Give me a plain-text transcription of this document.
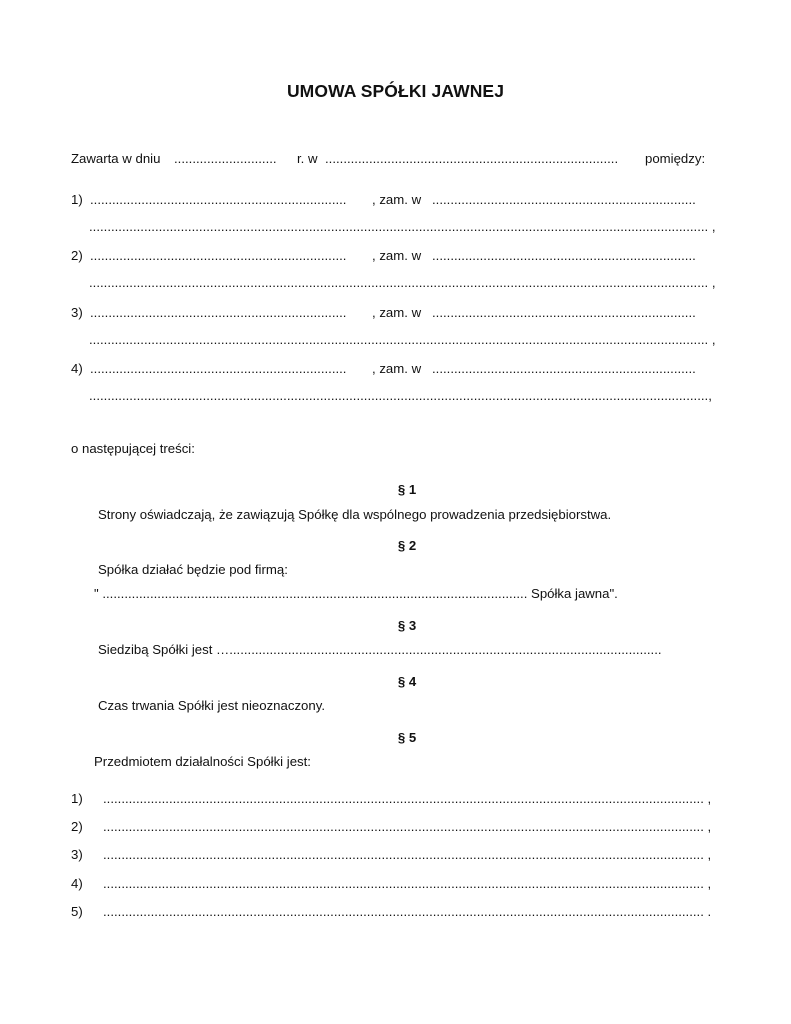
UMOWA SPÓŁKI JAWNEJ
Zawarta w dniu ............................ r. w ................................................................................ pomiędzy:
1) ...................................................................... , zam. w ........................................................................
......................................................................................................................................................................... ,
2) ...................................................................... , zam. w ........................................................................
......................................................................................................................................................................... ,
3) ...................................................................... , zam. w ........................................................................
......................................................................................................................................................................... ,
4) ...................................................................... , zam. w ........................................................................
.........................................................................................................................................................................,
o następującej treści:
§ 1
Strony oświadczają, że zawiązują Spółkę dla wspólnego prowadzenia przedsiębiorstwa.
§ 2
Spółka działać będzie pod firmą:
" .................................................................................................................... Spółka jawna".
§ 3
Siedzibą Spółki jest …......................................................................................................................
§ 4
Czas trwania Spółki jest nieoznaczony.
§ 5
Przedmiotem działalności Spółki jest:
1) .................................................................................................................................................................... ,
2) .................................................................................................................................................................... ,
3) .................................................................................................................................................................... ,
4) .................................................................................................................................................................... ,
5) .................................................................................................................................................................... .
